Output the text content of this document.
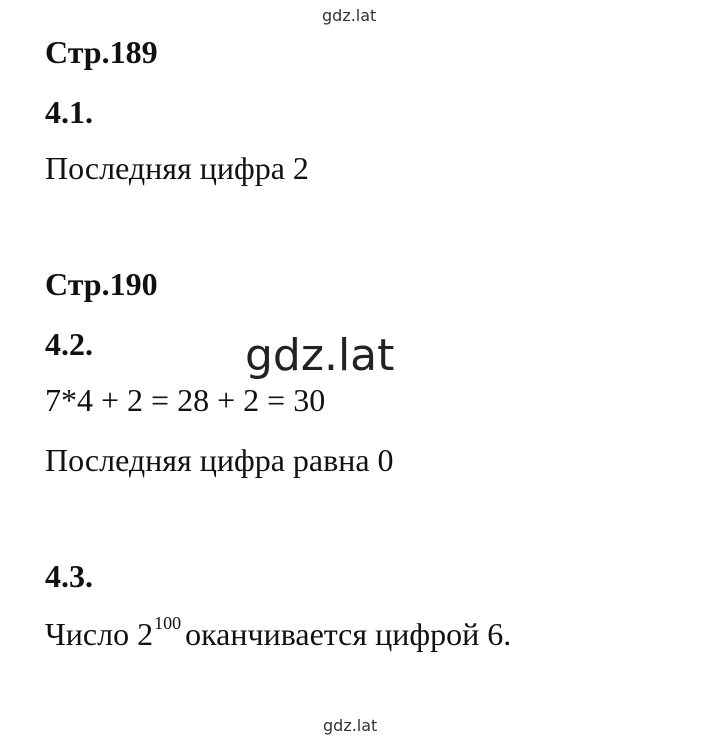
gdz.lat
Стр.189
4.1.
Последняя цифра 2
Стр.190
4.2.	gdz.lat
7*4 + 2 = 28 + 2 = 30
Последняя цифра равна 0
4.3.
Число $2^{100}$ оканчивается цифрой 6.
gdz.lat
